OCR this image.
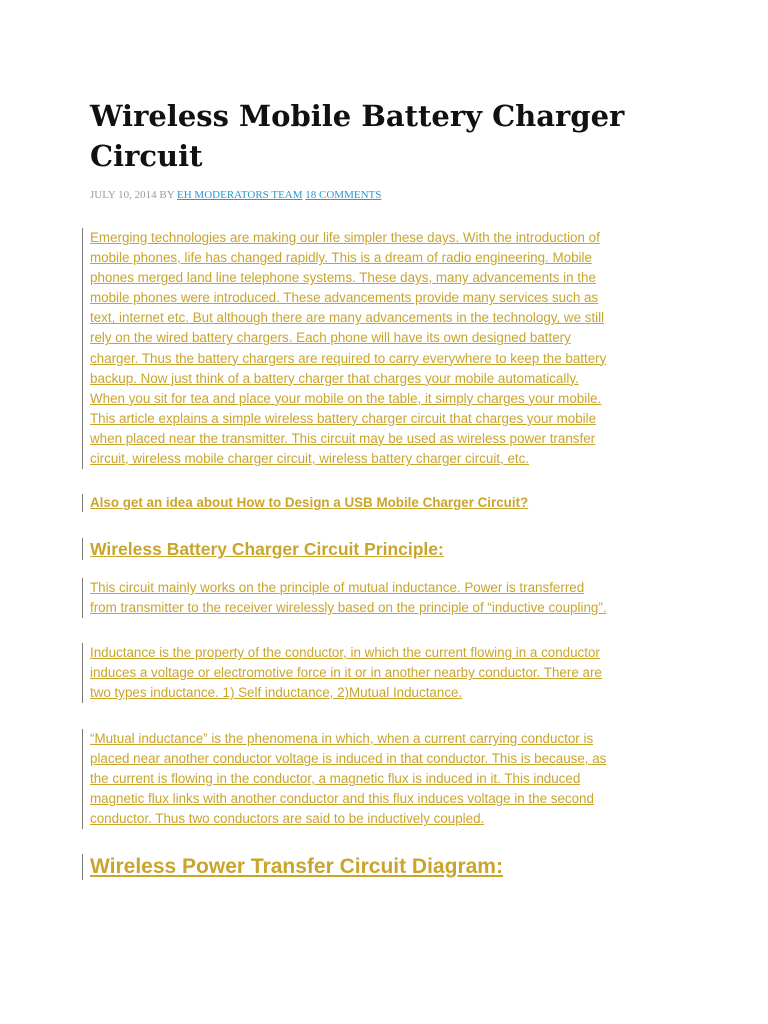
Wireless Mobile Battery Charger Circuit
JULY 10, 2014 BY EH MODERATORS TEAM 18 COMMENTS

Emerging technologies are making our life simpler these days. With the introduction of
mobile phones, life has changed rapidly. This is a dream of radio engineering. Mobile
phones merged land line telephone systems. These days, many advancements in the
mobile phones were introduced. These advancements provide many services such as
text, internet etc. But although there are many advancements in the technology, we still
rely on the wired battery chargers. Each phone will have its own designed battery
charger. Thus the battery chargers are required to carry everywhere to keep the battery
backup. Now just think of a battery charger that charges your mobile automatically.
When you sit for tea and place your mobile on the table, it simply charges your mobile.
This article explains a simple wireless battery charger circuit that charges your mobile
when placed near the transmitter. This circuit may be used as wireless power transfer
circuit, wireless mobile charger circuit, wireless battery charger circuit, etc.

Also get an idea about How to Design a USB Mobile Charger Circuit?

Wireless Battery Charger Circuit Principle:

This circuit mainly works on the principle of mutual inductance. Power is transferred
from transmitter to the receiver wirelessly based on the principle of “inductive coupling”.

Inductance is the property of the conductor, in which the current flowing in a conductor
induces a voltage or electromotive force in it or in another nearby conductor. There are
two types inductance. 1) Self inductance, 2)Mutual Inductance.

“Mutual inductance” is the phenomena in which, when a current carrying conductor is
placed near another conductor voltage is induced in that conductor. This is because, as
the current is flowing in the conductor, a magnetic flux is induced in it. This induced
magnetic flux links with another conductor and this flux induces voltage in the second
conductor. Thus two conductors are said to be inductively coupled.

Wireless Power Transfer Circuit Diagram:
